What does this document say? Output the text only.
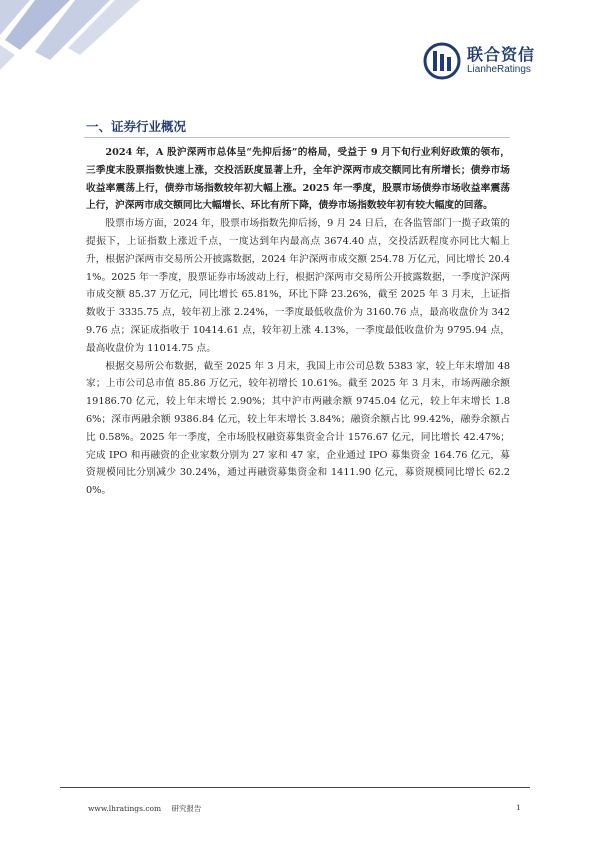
联合资信
LianheRatings
一、证券行业概况

2024 年，A 股沪深两市总体呈“先抑后扬”的格局，受益于 9 月下旬行业利好政策的领布，三季度末股票指数快速上涨，交投活跃度显著上升，全年沪深两市成交额同比有所增长；债券市场收益率震荡上行，债券市场指数较年初大幅上涨。2025 年一季度，股票市场债券市场收益率震荡上行，沪深两市成交额同比大幅增长、环比有所下降，债券市场指数较年初有较大幅度的回落。

股票市场方面，2024 年，股票市场指数先抑后扬，9 月 24 日后，在各监管部门一揽子政策的提振下，上证指数上涨近千点，一度达到年内最高点 3674.40 点，交投活跃程度亦同比大幅上升，根据沪深两市交易所公开披露数据，2024 年沪深两市成交额 254.78 万亿元，同比增长 20.41%。2025 年一季度，股票证券市场波动上行，根据沪深两市交易所公开披露数据，一季度沪深两市成交额 85.37 万亿元，同比增长 65.81%，环比下降 23.26%，截至 2025 年 3 月末，上证指数收于 3335.75 点，较年初上涨 2.24%，一季度最低收盘价为 3160.76 点，最高收盘价为 3429.76 点；深证成指收于 10414.61 点，较年初上涨 4.13%，一季度最低收盘价为 9795.94 点，最高收盘价为 11014.75 点。

根据交易所公布数据，截至 2025 年 3 月末，我国上市公司总数 5383 家，较上年末增加 48 家；上市公司总市值 85.86 万亿元，较年初增长 10.61%。截至 2025 年 3 月末，市场两融余额 19186.70 亿元，较上年末增长 2.90%；其中沪市两融余额 9745.04 亿元，较上年末增长 1.86%；深市两融余额 9386.84 亿元，较上年末增长 3.84%；融资余额占比 99.42%，融券余额占比 0.58%。2025 年一季度，全市场股权融资募集资金合计 1576.67 亿元，同比增长 42.47%；完成 IPO 和再融资的企业家数分别为 27 家和 47 家，企业通过 IPO 募集资金 164.76 亿元，募资规模同比分别减少 30.24%，通过再融资募集资金和 1411.90 亿元，募资规模同比增长 62.20%。

www.lhratings.com 研究报告	1
